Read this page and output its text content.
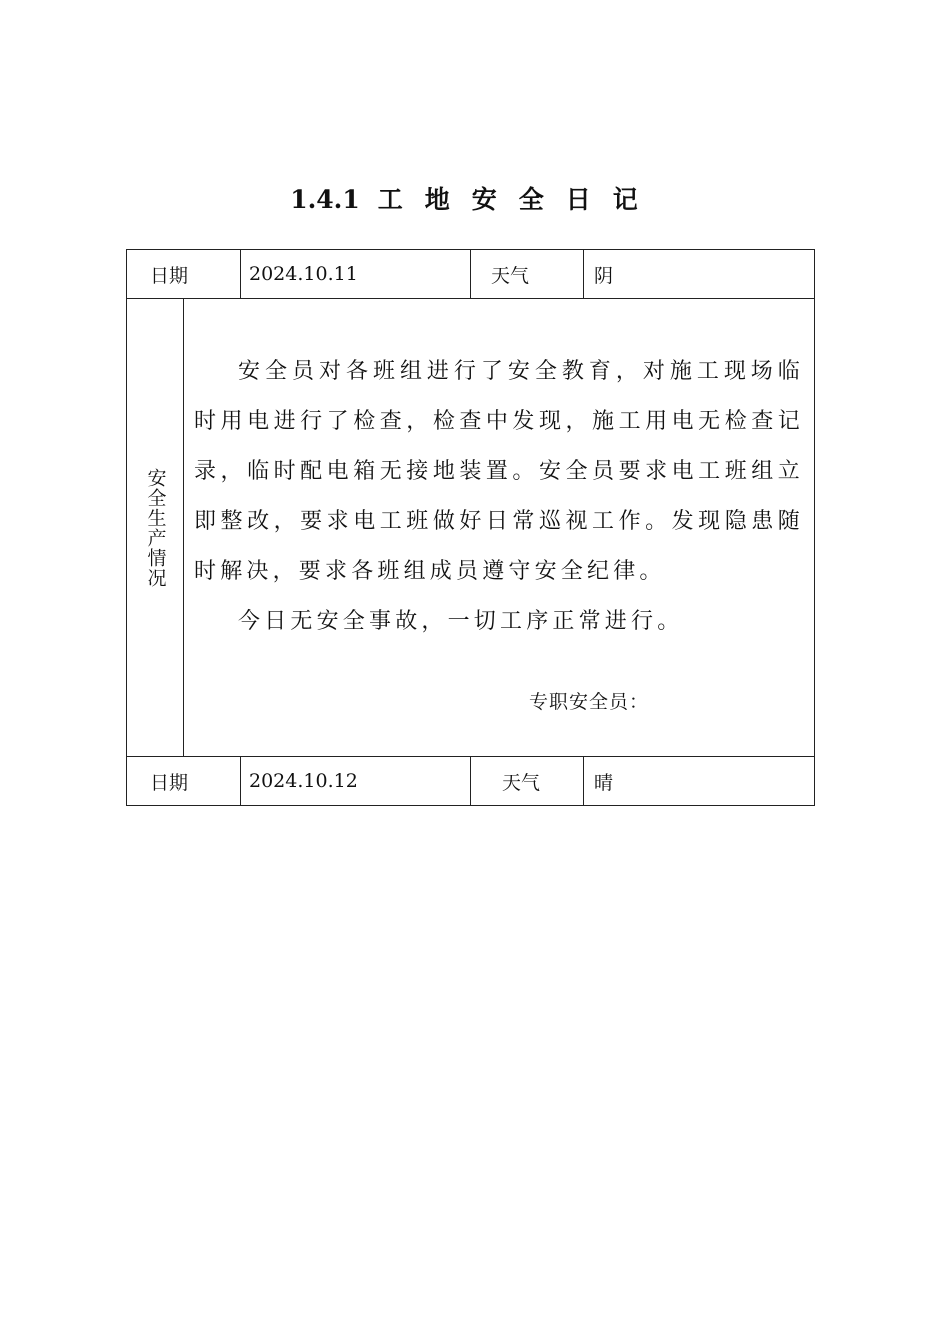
1.4.1 工地安全日记
日期	2024.10.11	天气	阴
安全生产情况

安全员对各班组进行了安全教育，对施工现场临时用电进行了检查，检查中发现，施工用电无检查记录，临时配电箱无接地装置。安全员要求电工班组立即整改，要求电工班做好日常巡视工作。发现隐患随时解决，要求各班组成员遵守安全纪律。

今日无安全事故，一切工序正常进行。

专职安全员：
日期	2024.10.12	天气	晴
